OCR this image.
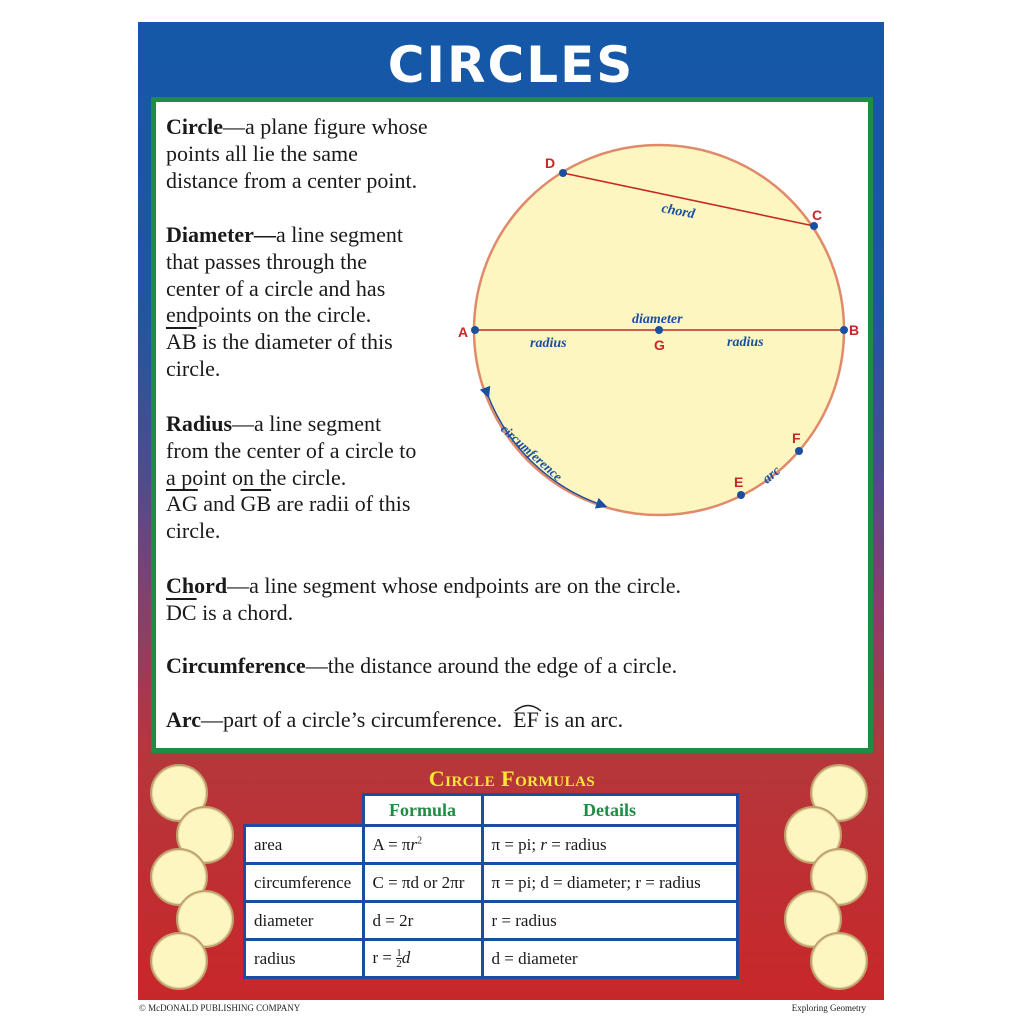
CIRCLES
Circle—a plane figure whose
points all lie the same
distance from a center point.
Diameter—a line segment
that passes through the
center of a circle and has
endpoints on the circle.
$\overline{AB}$ is the diameter of this
circle.
Radius—a line segment
from the center of a circle to
a point on the circle.
$\overline{AG}$ and $\overline{GB}$ are radii of this
circle.
Chord—a line segment whose endpoints are on the circle.
$\overline{DC}$ is a chord.
Circumference—the distance around the edge of a circle.
Arc—part of a circle’s circumference. EF is an arc.
D
C
A	B
G
F
E
chord
diameter
radius	radius
arc
circumference
Circle Formulas
	Formula	Details
area	$A = \pi r^2$	π = pi; r = radius
circumference	C = πd or 2πr	π = pi; d = diameter; r = radius
diameter	d = 2r	r = radius
radius	$r = \frac{1}{2}$ d	d = diameter
© McDONALD PUBLISHING COMPANY	Exploring Geometry
